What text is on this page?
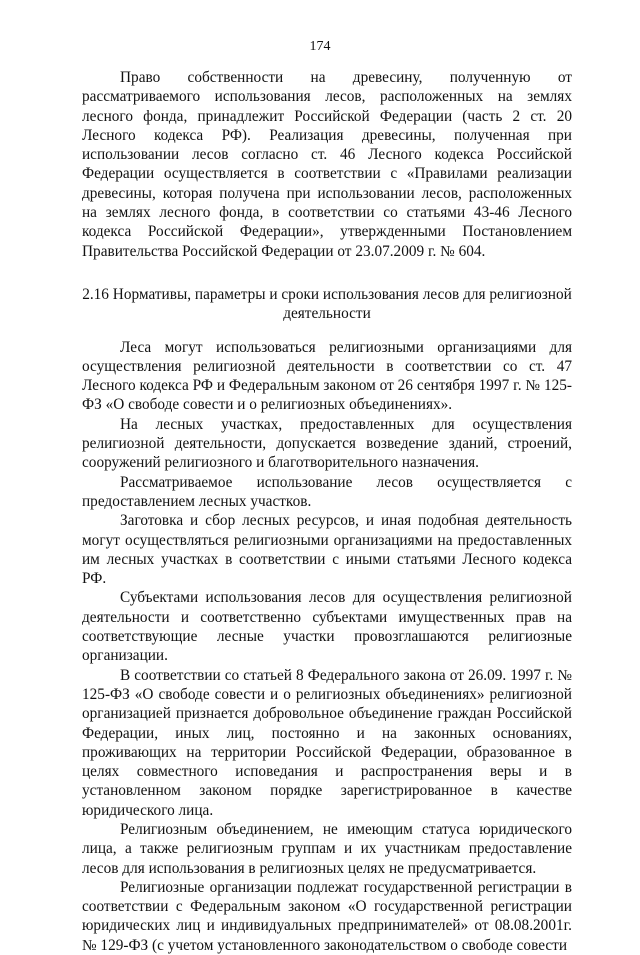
174

Право собственности на древесину, полученную от рассматриваемого использования лесов, расположенных на землях лесного фонда, принадлежит Российской Федерации (часть 2 ст. 20 Лесного кодекса РФ). Реализация древесины, полученная при использовании лесов согласно ст. 46 Лесного кодекса Российской Федерации осуществляется в соответствии с «Правилами реализации древесины, которая получена при использовании лесов, расположенных на землях лесного фонда, в соответствии со статьями 43-46 Лесного кодекса Российской Федерации», утвержденными Постановлением Правительства Российской Федерации от 23.07.2009 г. № 604.

2.16 Нормативы, параметры и сроки использования лесов для религиозной деятельности

Леса могут использоваться религиозными организациями для осуществления религиозной деятельности в соответствии со ст. 47 Лесного кодекса РФ и Федеральным законом от 26 сентября 1997 г. № 125-ФЗ «О свободе совести и о религиозных объединениях».

На лесных участках, предоставленных для осуществления религиозной деятельности, допускается возведение зданий, строений, сооружений религиозного и благотворительного назначения.

Рассматриваемое использование лесов осуществляется с предоставлением лесных участков.

Заготовка и сбор лесных ресурсов, и иная подобная деятельность могут осуществляться религиозными организациями на предоставленных им лесных участках в соответствии с иными статьями Лесного кодекса РФ.

Субъектами использования лесов для осуществления религиозной деятельности и соответственно субъектами имущественных прав на соответствующие лесные участки провозглашаются религиозные организации.

В соответствии со статьей 8 Федерального закона от 26.09. 1997 г. № 125-ФЗ «О свободе совести и о религиозных объединениях» религиозной организацией признается добровольное объединение граждан Российской Федерации, иных лиц, постоянно и на законных основаниях, проживающих на территории Российской Федерации, образованное в целях совместного исповедания и распространения веры и в установленном законом порядке зарегистрированное в качестве юридического лица.

Религиозным объединением, не имеющим статуса юридического лица, а также религиозным группам и их участникам предоставление лесов для использования в религиозных целях не предусматривается.

Религиозные организации подлежат государственной регистрации в соответствии с Федеральным законом «О государственной регистрации юридических лиц и индивидуальных предпринимателей» от 08.08.2001г. № 129-ФЗ (с учетом установленного законодательством о свободе совести
